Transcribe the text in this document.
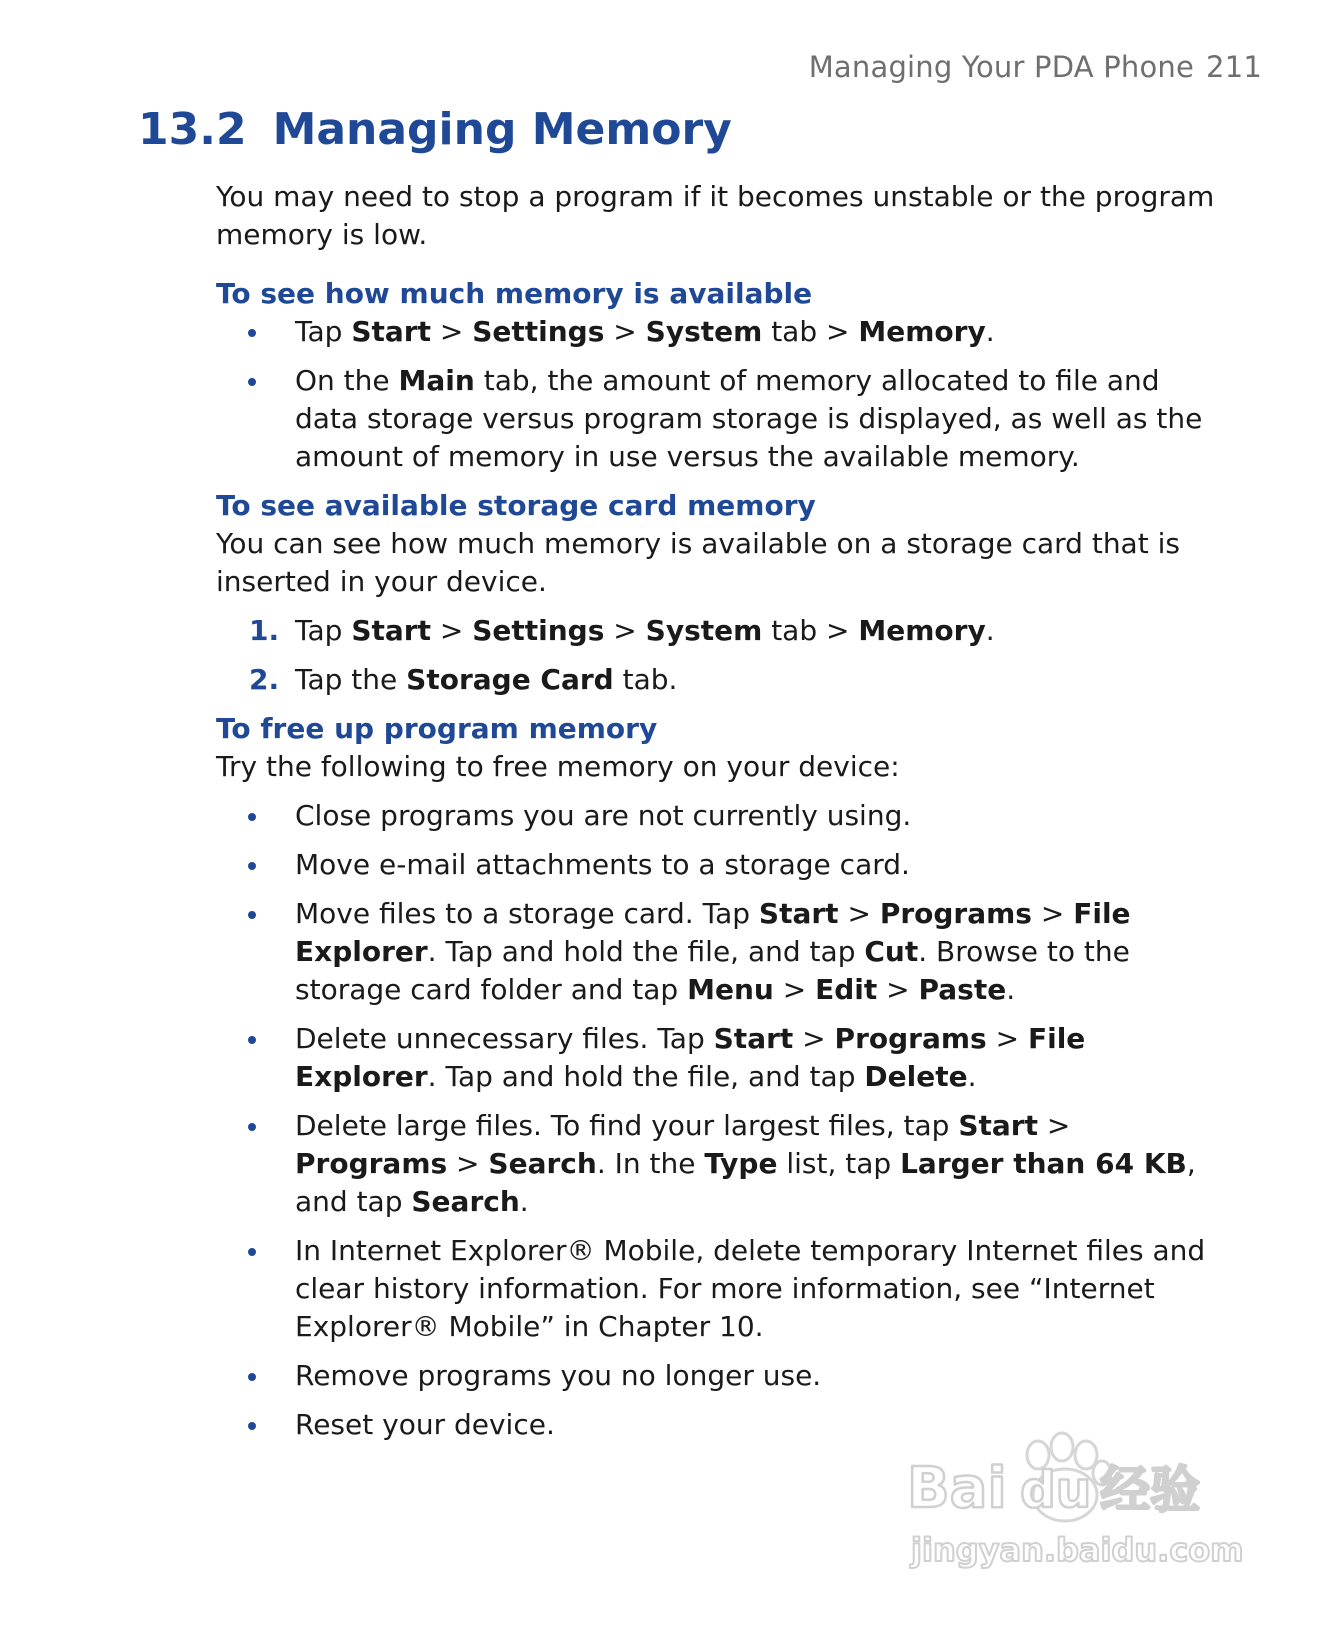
Managing Your PDA Phone 211
13.2 Managing Memory

You may need to stop a program if it becomes unstable or the program memory is low.

To see how much memory is available
Tap Start > Settings > System tab > Memory.
On the Main tab, the amount of memory allocated to file and data storage versus program storage is displayed, as well as the amount of memory in use versus the available memory.
To see available storage card memory

You can see how much memory is available on a storage card that is inserted in your device.

1. Tap Start > Settings > System tab > Memory.
2. Tap the Storage Card tab.
To free up program memory

Try the following to free memory on your device:

Close programs you are not currently using.
Move e-mail attachments to a storage card.
Move files to a storage card. Tap Start > Programs > File Explorer. Tap and hold the file, and tap Cut. Browse to the storage card folder and tap Menu > Edit > Paste.
Delete unnecessary files. Tap Start > Programs > File Explorer. Tap and hold the file, and tap Delete.
Delete large files. To find your largest files, tap Start > Programs > Search. In the Type list, tap Larger than 64 KB, and tap Search.
In Internet Explorer® Mobile, delete temporary Internet files and clear history information. For more information, see “Internet Explorer® Mobile” in Chapter 10.
Remove programs you no longer use.
Reset your device.
Bai du 经验
jingyan.baidu.com
